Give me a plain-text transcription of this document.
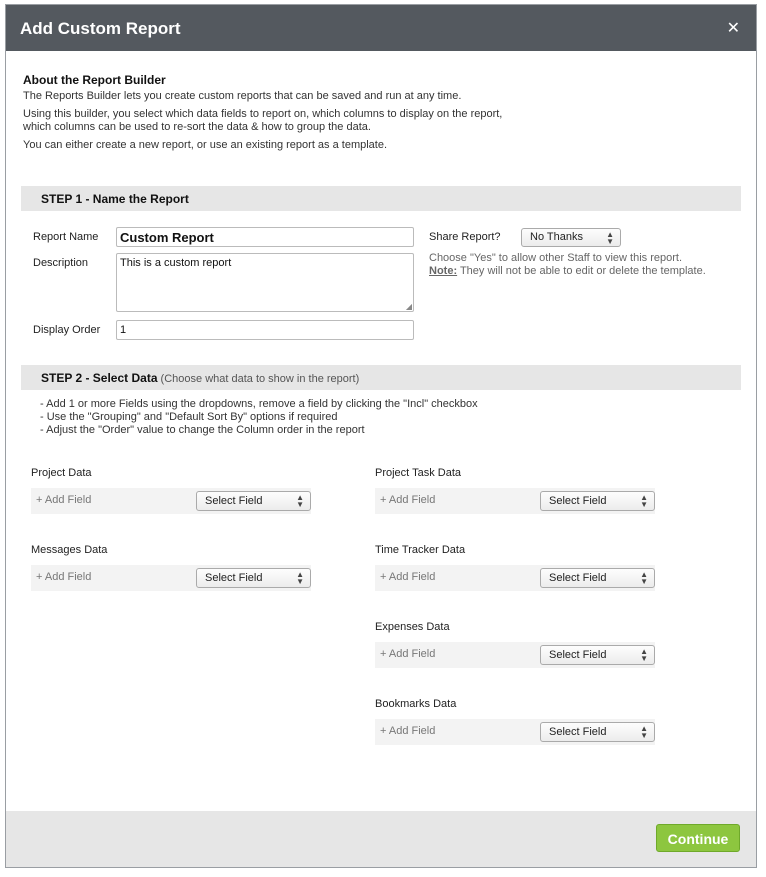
Add Custom Report	✕
About the Report Builder
The Reports Builder lets you create custom reports that can be saved and run at any time.
Using this builder, you select which data fields to report on, which columns to display on the report,
which columns can be used to re-sort the data & how to group the data.
You can either create a new report, or use an existing report as a template.
STEP 1 - Name the Report
Report Name	Custom Report
Description	This is a custom report
◢
Display Order	1
Share Report?	No Thanks	▲
▼
Choose "Yes" to allow other Staff to view this report.
Note: They will not be able to edit or delete the template.
STEP 2 - Select Data (Choose what data to show in the report)
- Add 1 or more Fields using the dropdowns, remove a field by clicking the "Incl" checkbox
- Use the "Grouping" and "Default Sort By" options if required
- Adjust the "Order" value to change the Column order in the report
Project Data
+ Add Field	Select Field	▲
▼
Messages Data
+ Add Field	Select Field	▲
▼
Project Task Data
+ Add Field	Select Field	▲
▼
Time Tracker Data
+ Add Field	Select Field	▲
▼
Expenses Data
+ Add Field	Select Field	▲
▼
Bookmarks Data
+ Add Field	Select Field	▲
▼
Continue
